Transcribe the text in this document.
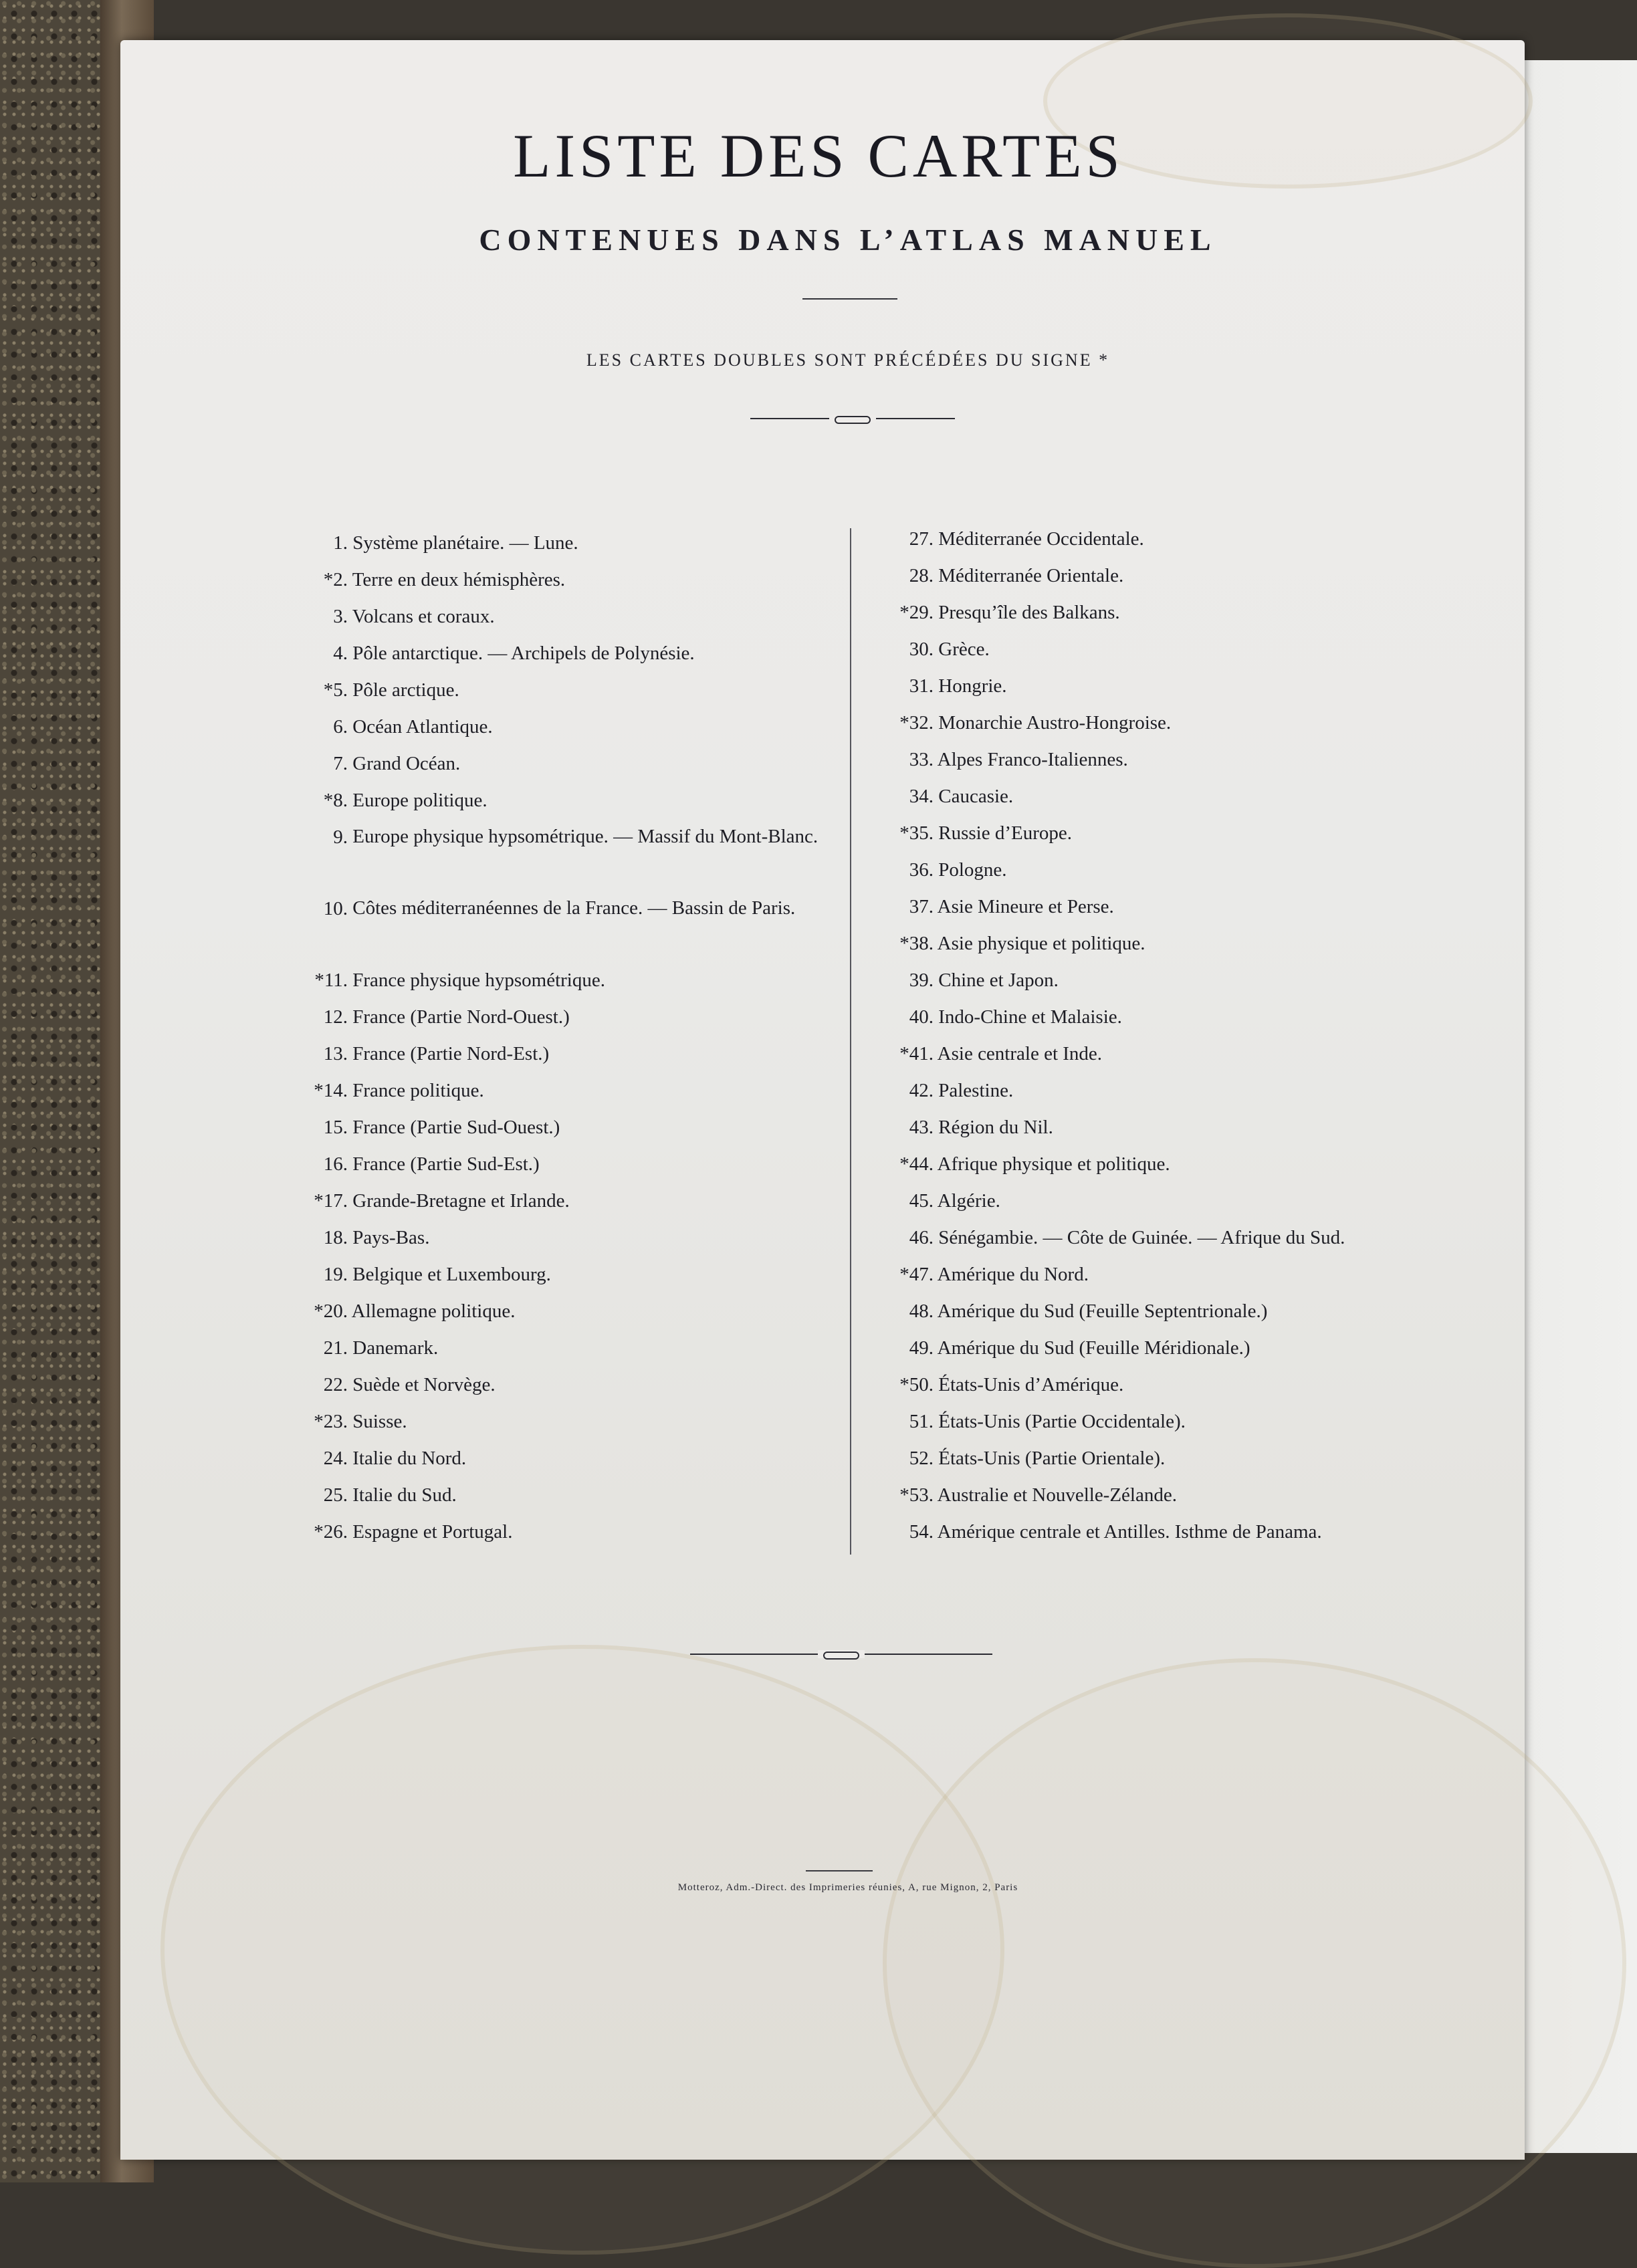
LISTE DES CARTES
CONTENUES DANS L’ATLAS MANUEL
LES CARTES DOUBLES SONT PRÉCÉDÉES DU SIGNE *
1. Système planétaire. — Lune.
*2. Terre en deux hémisphères.
3. Volcans et coraux.
4. Pôle antarctique. — Archipels de Polynésie.
*5. Pôle arctique.
6. Océan Atlantique.
7. Grand Océan.
*8. Europe politique.
9. Europe physique hypsométrique. — Massif du Mont-Blanc.
10. Côtes méditerranéennes de la France. — Bassin de Paris.
*11. France physique hypsométrique.
12. France (Partie Nord-Ouest.)
13. France (Partie Nord-Est.)
*14. France politique.
15. France (Partie Sud-Ouest.)
16. France (Partie Sud-Est.)
*17. Grande-Bretagne et Irlande.
18. Pays-Bas.
19. Belgique et Luxembourg.
*20. Allemagne politique.
21. Danemark.
22. Suède et Norvège.
*23. Suisse.
24. Italie du Nord.
25. Italie du Sud.
*26. Espagne et Portugal.
27. Méditerranée Occidentale.
28. Méditerranée Orientale.
*29. Presqu’île des Balkans.
30. Grèce.
31. Hongrie.
*32. Monarchie Austro-Hongroise.
33. Alpes Franco-Italiennes.
34. Caucasie.
*35. Russie d’Europe.
36. Pologne.
37. Asie Mineure et Perse.
*38. Asie physique et politique.
39. Chine et Japon.
40. Indo-Chine et Malaisie.
*41. Asie centrale et Inde.
42. Palestine.
43. Région du Nil.
*44. Afrique physique et politique.
45. Algérie.
46. Sénégambie. — Côte de Guinée. — Afrique du Sud.
*47. Amérique du Nord.
48. Amérique du Sud (Feuille Septentrionale.)
49. Amérique du Sud (Feuille Méridionale.)
*50. États-Unis d’Amérique.
51. États-Unis (Partie Occidentale).
52. États-Unis (Partie Orientale).
*53. Australie et Nouvelle-Zélande.
54. Amérique centrale et Antilles. Isthme de Panama.
Motteroz, Adm.-Direct. des Imprimeries réunies, A, rue Mignon, 2, Paris
